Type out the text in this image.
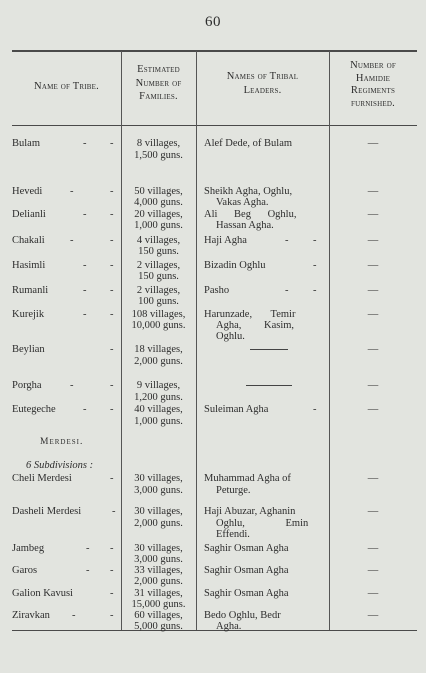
60
Name of Tribe.
Estimated
Number of
Families.
Names of Tribal
Leaders.
Number of
Hamidie
Regiments
furnished.
Bulam	- -	8 villages,
1,500 guns.
Alef Dede, of Bulam	—
Hevedi	-	-	50 villages,
4,000 guns.
Sheikh Agha, Oghlu,
Vakas Agha.
—
Delianli	- -	20 villages,
1,000 guns.
Ali Beg Oghlu,
Hassan Agha.
—
Chakali -	-	4 villages,
150 guns.
Haji Agha	- -	—
Hasimli	- -	2 villages,
150 guns.
Bizadin Oghlu	-	—
Rumanli	- -	2 villages,
100 guns.
Pasho	- -	—
Kurejik	- -	108 villages,
10,000 guns.
Harunzade, Temir
Agha, Kasim,
Oghlu.
—
Beylian	-	18 villages,
2,000 guns.
—
Porgha	-	-	9 villages,
1,200 guns.
—
Eutegeche	- -	40 villages,
1,000 guns.
Suleiman Agha	-	—
Merdesi.
6 Subdivisions :
Cheli Merdesi	-	30 villages,
3,000 guns.
Muhammad Agha of
Peturge.
—
Dasheli Merdesi	-	30 villages,
2,000 guns.
Haji Abuzar, Aghanin
Oghlu, Emin
Effendi.
—
Jambeg	- -	30 villages,
3,000 guns.
Saghir Osman Agha	—
Garos	- -	33 villages,
2,000 guns.
Saghir Osman Agha	—
Galion Kavusi	-	31 villages,
15,000 guns.
Saghir Osman Agha	—
Ziravkan -	-	60 villages,
5,000 guns.
Bedo Oghlu, Bedr
Agha.
—
